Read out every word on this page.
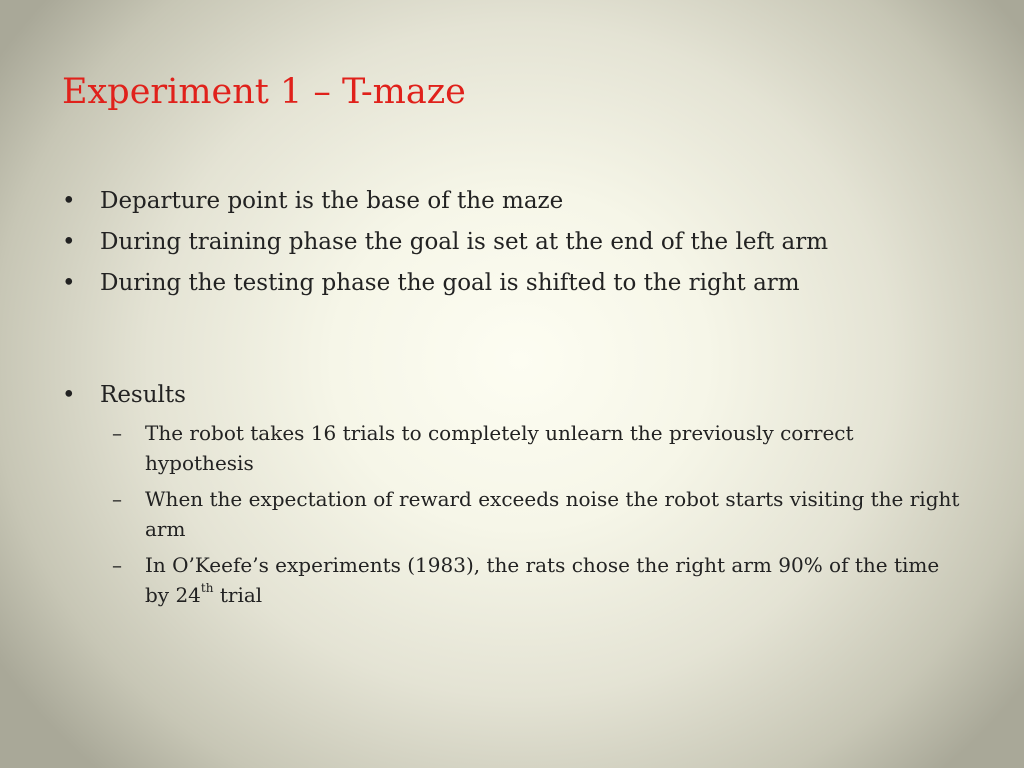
Experiment 1 – T-maze
•	Departure point is the base of the maze
•	During training phase the goal is set at the end of the left arm
•	During the testing phase the goal is shifted to the right arm
•	Results
–	The robot takes 16 trials to completely unlearn the previously correct hypothesis
–	When the expectation of reward exceeds noise the robot starts visiting the right arm
–	In O’Keefe’s experiments (1983), the rats chose the right arm 90% of the time by 24th trial
